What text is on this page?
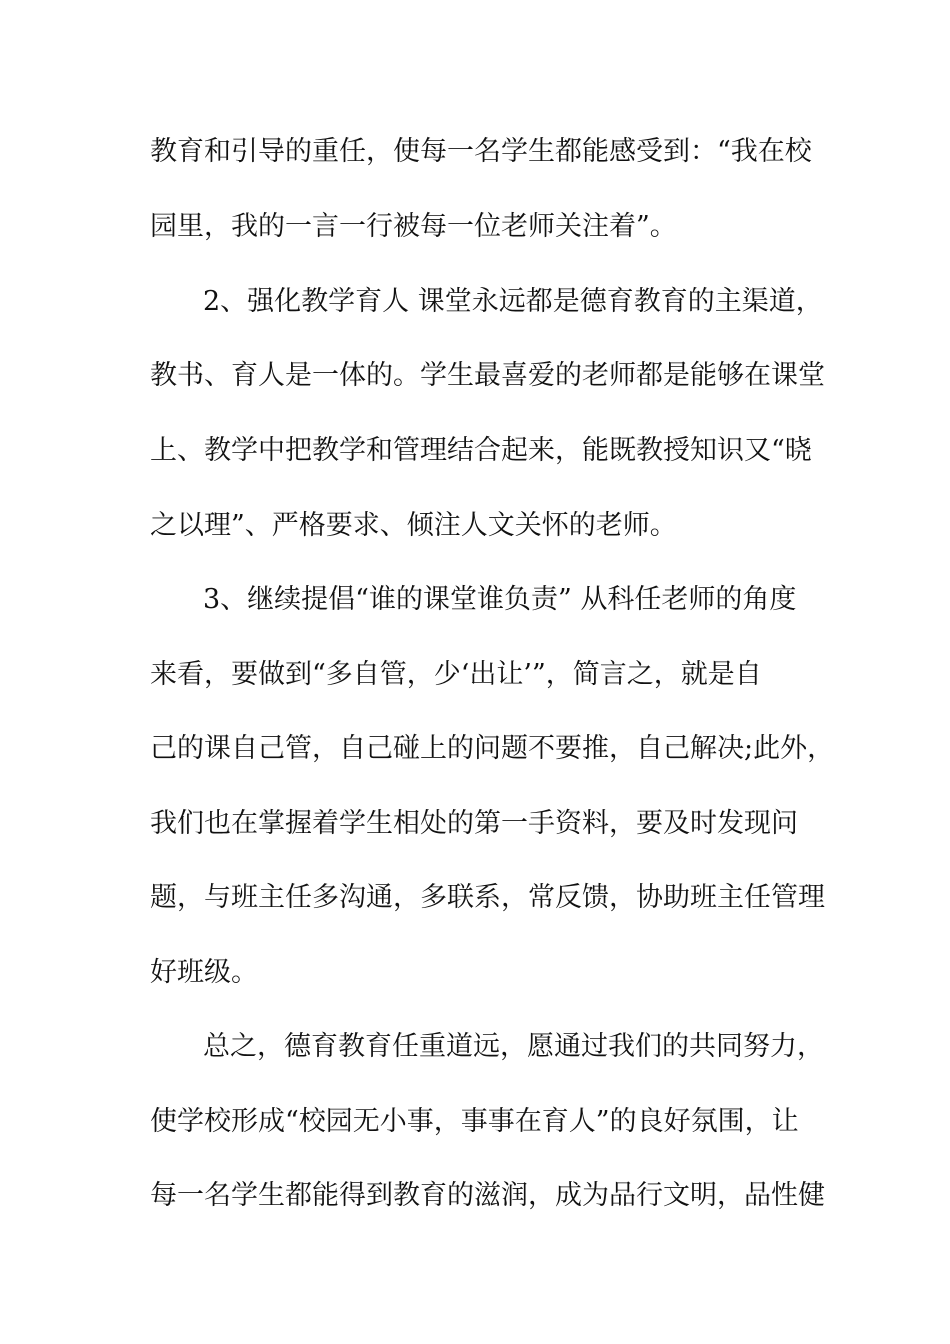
教育和引导的重任，使每一名学生都能感受到：“我在校
园里，我的一言一行被每一位老师关注着”。
2、强化教学育人 课堂永远都是德育教育的主渠道，
教书、育人是一体的。学生最喜爱的老师都是能够在课堂
上、教学中把教学和管理结合起来，能既教授知识又“晓
之以理”、严格要求、倾注人文关怀的老师。
3、继续提倡“谁的课堂谁负责” 从科任老师的角度
来看，要做到“多自管，少‘出让’”，简言之，就是自
己的课自己管，自己碰上的问题不要推，自己解决;此外，
我们也在掌握着学生相处的第一手资料，要及时发现问
题，与班主任多沟通，多联系，常反馈，协助班主任管理
好班级。
总之，德育教育任重道远，愿通过我们的共同努力，
使学校形成“校园无小事，事事在育人”的良好氛围，让
每一名学生都能得到教育的滋润，成为品行文明，品性健
